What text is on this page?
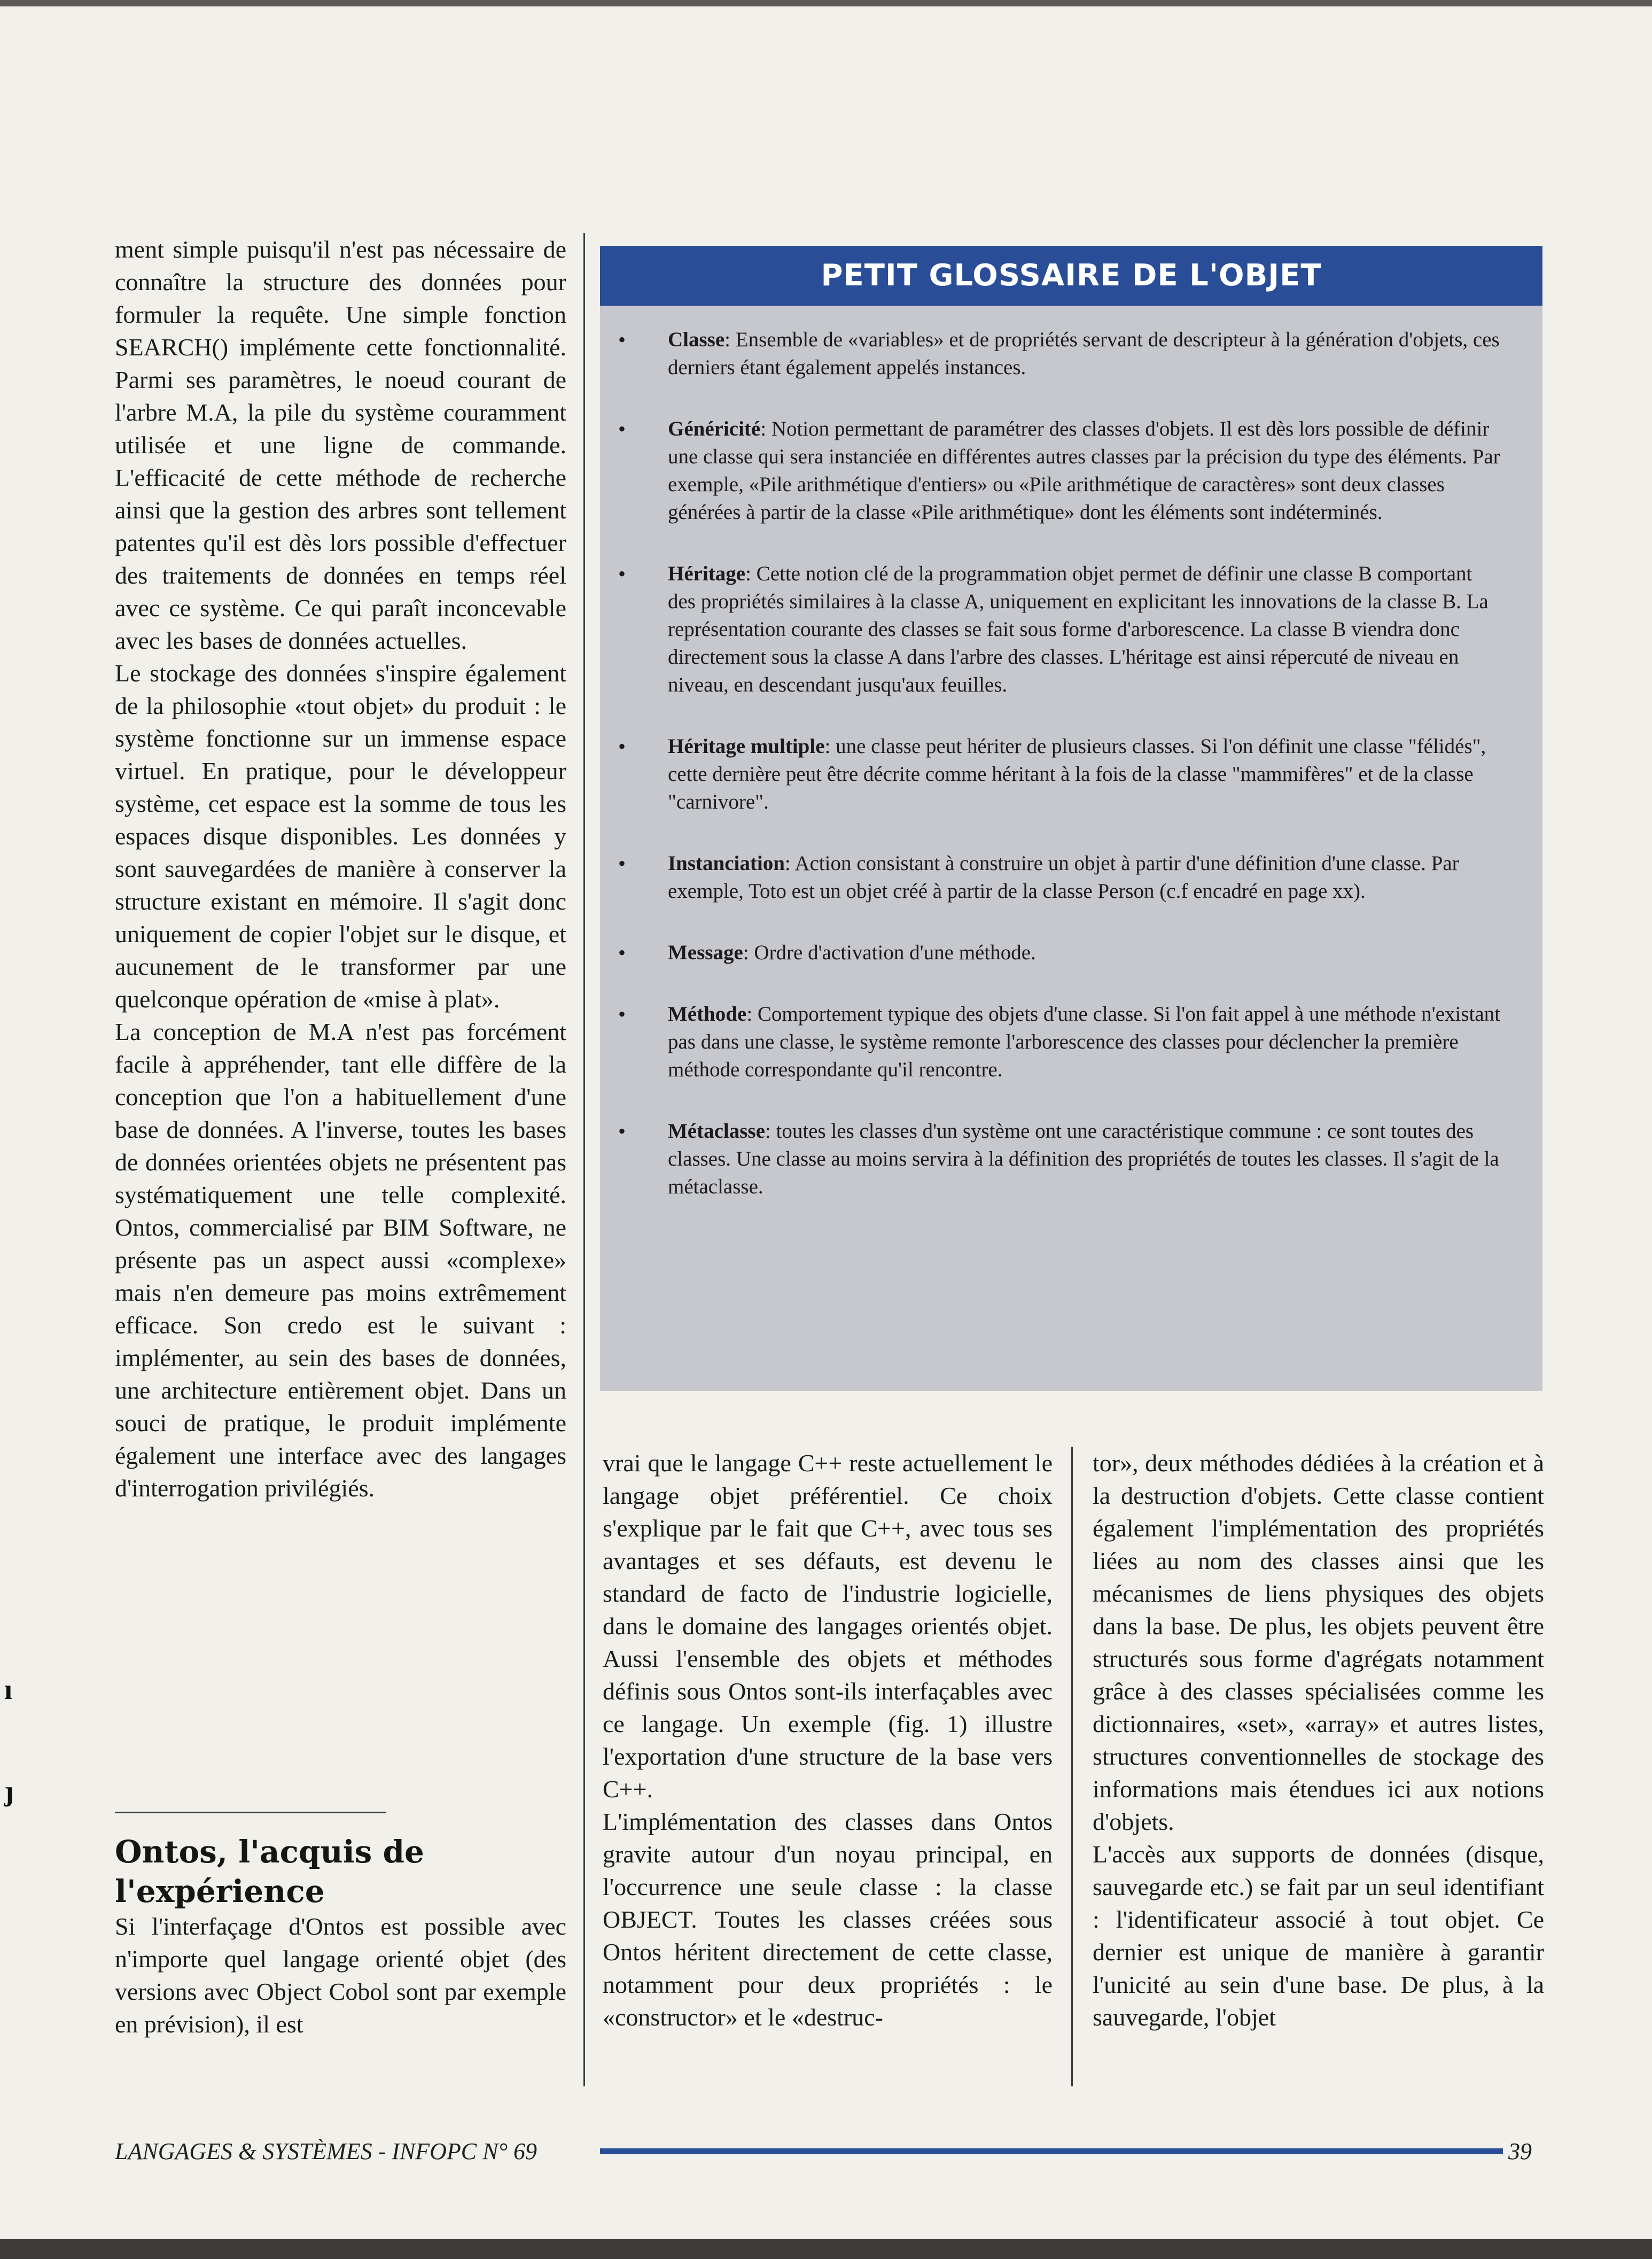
ment simple puisqu'il n'est pas nécessaire de connaître la structure des données pour formuler la requête. Une simple fonction SEARCH() implémente cette fonctionnalité. Parmi ses paramètres, le noeud courant de l'arbre M.A, la pile du système couramment utilisée et une ligne de commande. L'efficacité de cette méthode de recherche ainsi que la gestion des arbres sont tellement patentes qu'il est dès lors possible d'effectuer des traitements de données en temps réel avec ce système. Ce qui paraît inconcevable avec les bases de données actuelles.

Le stockage des données s'inspire également de la philosophie «tout objet» du produit : le système fonctionne sur un immense espace virtuel. En pratique, pour le développeur système, cet espace est la somme de tous les espaces disque disponibles. Les données y sont sauvegardées de manière à conserver la structure existant en mémoire. Il s'agit donc uniquement de copier l'objet sur le disque, et aucunement de le transformer par une quelconque opération de «mise à plat».

La conception de M.A n'est pas forcément facile à appréhender, tant elle diffère de la conception que l'on a habituellement d'une base de données. A l'inverse, toutes les bases de données orientées objets ne présentent pas systématiquement une telle complexité. Ontos, commercialisé par BIM Software, ne présente pas un aspect aussi «complexe» mais n'en demeure pas moins extrêmement efficace. Son credo est le suivant : implémenter, au sein des bases de données, une architecture entièrement objet. Dans un souci de pratique, le produit implémente également une interface avec des langages d'interrogation privilégiés.

Ontos, l'acquis de l'expérience

Si l'interfaçage d'Ontos est possible avec n'importe quel langage orienté objet (des versions avec Object Cobol sont par exemple en prévision), il est

PETIT GLOSSAIRE DE L'OBJET
• Classe: Ensemble de «variables» et de propriétés servant de descripteur à la génération d'objets, ces derniers étant également appelés instances.
• Généricité: Notion permettant de paramétrer des classes d'objets. Il est dès lors possible de définir une classe qui sera instanciée en différentes autres classes par la précision du type des éléments. Par exemple, «Pile arithmétique d'entiers» ou «Pile arithmétique de caractères» sont deux classes générées à partir de la classe «Pile arithmétique» dont les éléments sont indéterminés.
• Héritage: Cette notion clé de la programmation objet permet de définir une classe B comportant des propriétés similaires à la classe A, uniquement en explicitant les innovations de la classe B. La représentation courante des classes se fait sous forme d'arborescence. La classe B viendra donc directement sous la classe A dans l'arbre des classes. L'héritage est ainsi répercuté de niveau en niveau, en descendant jusqu'aux feuilles.
• Héritage multiple: une classe peut hériter de plusieurs classes. Si l'on définit une classe "félidés", cette dernière peut être décrite comme héritant à la fois de la classe "mammifères" et de la classe "carnivore".
• Instanciation: Action consistant à construire un objet à partir d'une définition d'une classe. Par exemple, Toto est un objet créé à partir de la classe Person (c.f encadré en page xx).
• Message: Ordre d'activation d'une méthode.
• Méthode: Comportement typique des objets d'une classe. Si l'on fait appel à une méthode n'existant pas dans une classe, le système remonte l'arborescence des classes pour déclencher la première méthode correspondante qu'il rencontre.
• Métaclasse: toutes les classes d'un système ont une caractéristique commune : ce sont toutes des classes. Une classe au moins servira à la définition des propriétés de toutes les classes. Il s'agit de la métaclasse.

vrai que le langage C++ reste actuellement le langage objet préférentiel. Ce choix s'explique par le fait que C++, avec tous ses avantages et ses défauts, est devenu le standard de facto de l'industrie logicielle, dans le domaine des langages orientés objet. Aussi l'ensemble des objets et méthodes définis sous Ontos sont-ils interfaçables avec ce langage. Un exemple (fig. 1) illustre l'exportation d'une structure de la base vers C++.

L'implémentation des classes dans Ontos gravite autour d'un noyau principal, en l'occurrence une seule classe : la classe OBJECT. Toutes les classes créées sous Ontos héritent directement de cette classe, notamment pour deux propriétés : le «constructor» et le «destruc-

tor», deux méthodes dédiées à la création et à la destruction d'objets. Cette classe contient également l'implémentation des propriétés liées au nom des classes ainsi que les mécanismes de liens physiques des objets dans la base. De plus, les objets peuvent être structurés sous forme d'agrégats notamment grâce à des classes spécialisées comme les dictionnaires, «set», «array» et autres listes, structures conventionnelles de stockage des informations mais étendues ici aux notions d'objets.

L'accès aux supports de données (disque, sauvegarde etc.) se fait par un seul identifiant : l'identificateur associé à tout objet. Ce dernier est unique de manière à garantir l'unicité au sein d'une base. De plus, à la sauvegarde, l'objet

LANGAGES & SYSTÈMES - INFOPC N° 69	39
ı
ȷ
